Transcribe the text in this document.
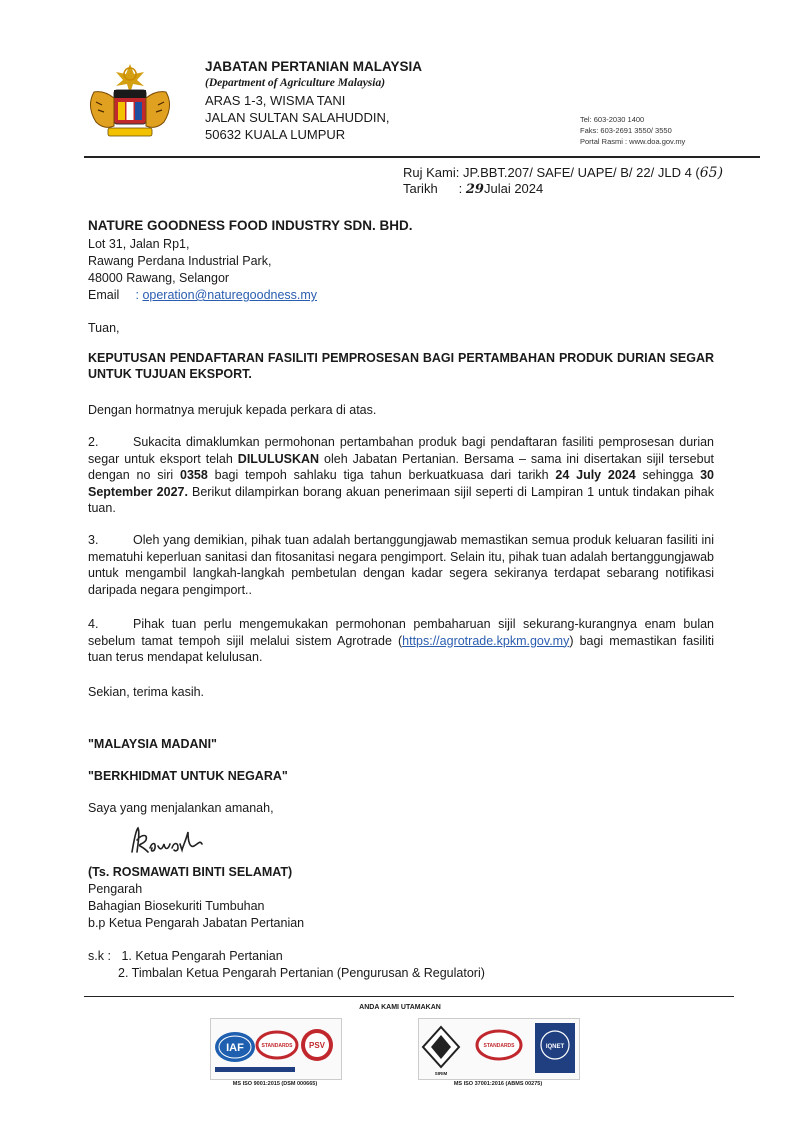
JABATAN PERTANIAN MALAYSIA
(Department of Agriculture Malaysia)
ARAS 1-3, WISMA TANI
JALAN SULTAN SALAHUDDIN,
50632 KUALA LUMPUR
Tel: 603-2030 1400
Faks: 603-2691 3550/ 3550
Portal Rasmi : www.doa.gov.my
Ruj Kami: JP.BBT.207/ SAFE/ UAPE/ B/ 22/ JLD 4 (65)
Tarikh : 29Julai 2024
NATURE GOODNESS FOOD INDUSTRY SDN. BHD.
Lot 31, Jalan Rp1,
Rawang Perdana Industrial Park,
48000 Rawang, Selangor
Email : operation@naturegoodness.my
Tuan,
KEPUTUSAN PENDAFTARAN FASILITI PEMPROSESAN BAGI PERTAMBAHAN PRODUK DURIAN SEGAR UNTUK TUJUAN EKSPORT.
Dengan hormatnya merujuk kepada perkara di atas.
2.	Sukacita dimaklumkan permohonan pertambahan produk bagi pendaftaran fasiliti pemprosesan durian segar untuk eksport telah DILULUSKAN oleh Jabatan Pertanian. Bersama – sama ini disertakan sijil tersebut dengan no siri 0358 bagi tempoh sahlaku tiga tahun berkuatkuasa dari tarikh 24 July 2024 sehingga 30 September 2027. Berikut dilampirkan borang akuan penerimaan sijil seperti di Lampiran 1 untuk tindakan pihak tuan.
3.	Oleh yang demikian, pihak tuan adalah bertanggungjawab memastikan semua produk keluaran fasiliti ini mematuhi keperluan sanitasi dan fitosanitasi negara pengimport. Selain itu, pihak tuan adalah bertanggungjawab untuk mengambil langkah-langkah pembetulan dengan kadar segera sekiranya terdapat sebarang notifikasi daripada negara pengimport..
4.	Pihak tuan perlu mengemukakan permohonan pembaharuan sijil sekurang-kurangnya enam bulan sebelum tamat tempoh sijil melalui sistem Agrotrade (https://agrotrade.kpkm.gov.my) bagi memastikan fasiliti tuan terus mendapat kelulusan.
Sekian, terima kasih.
"MALAYSIA MADANI"
"BERKHIDMAT UNTUK NEGARA"
Saya yang menjalankan amanah,
(Ts. ROSMAWATI BINTI SELAMAT)
Pengarah
Bahagian Biosekuriti Tumbuhan
b.p Ketua Pengarah Jabatan Pertanian
s.k : 1. Ketua Pengarah Pertanian
2. Timbalan Ketua Pengarah Pertanian (Pengurusan & Regulatori)
ANDA KAMI UTAMAKAN
IAF	STANDARDS PSV
MS ISO 9001:2015 (DSM 000665)
SIRIM
STANDARDS	IQNET
MS ISO 37001:2016 (ABMS 00275)
